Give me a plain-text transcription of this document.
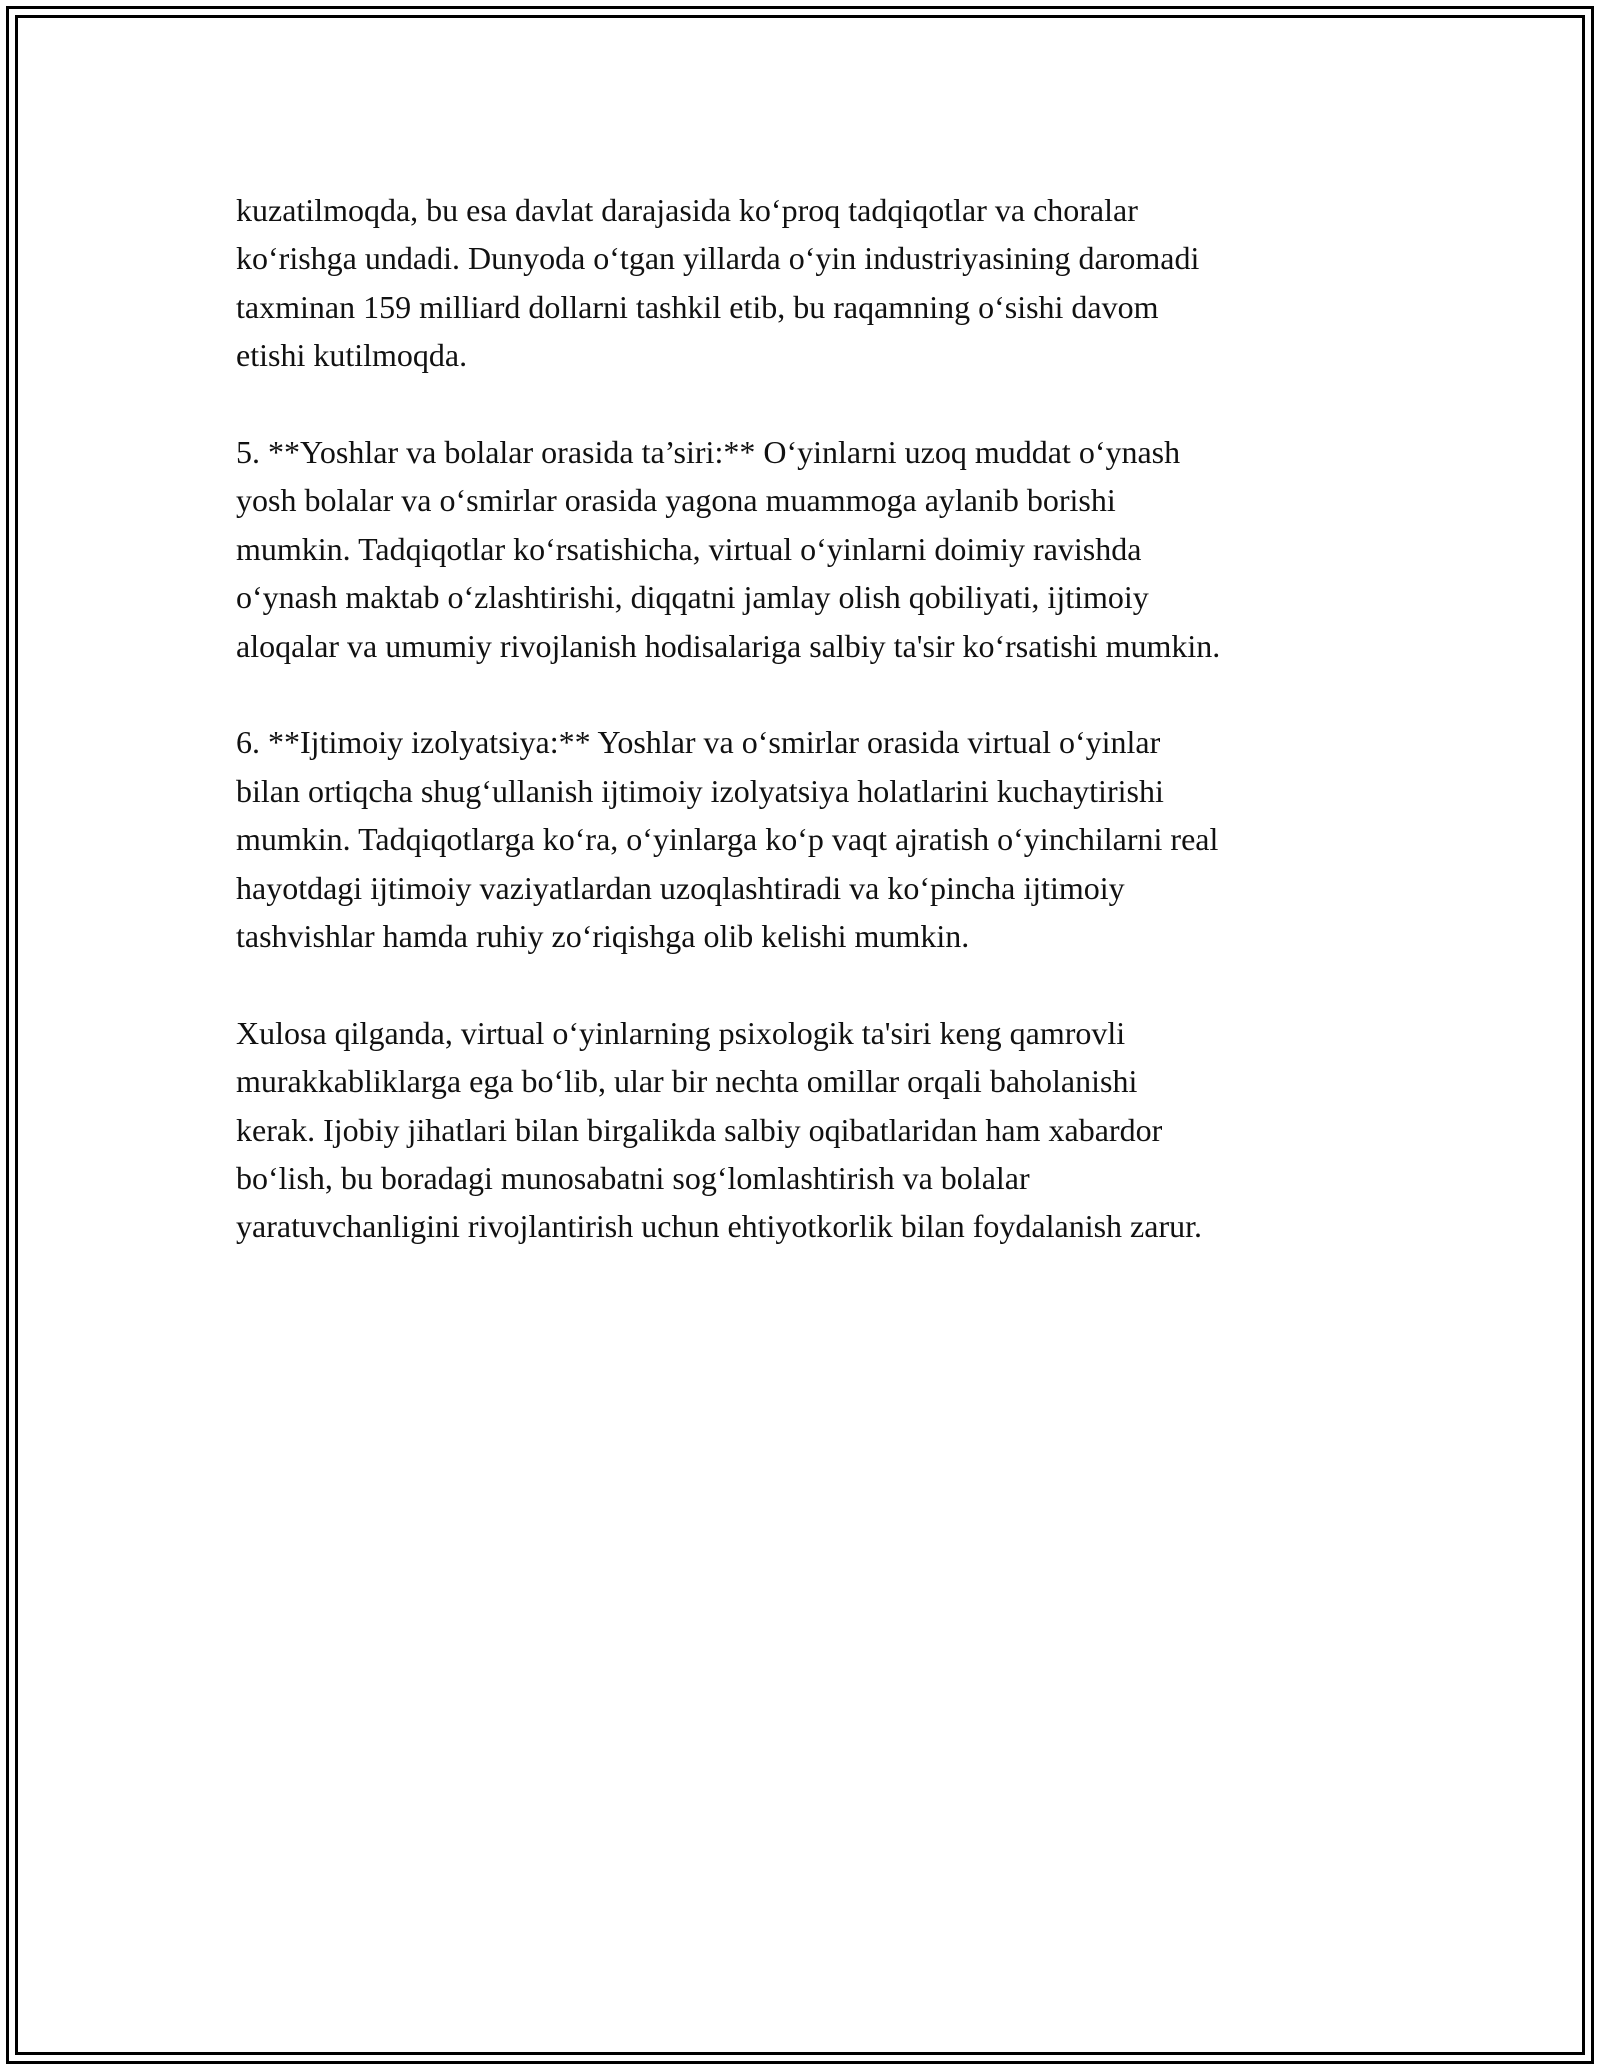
kuzatilmoqda, bu esa davlat darajasida ko‘proq tadqiqotlar va choralar
ko‘rishga undadi. Dunyoda o‘tgan yillarda o‘yin industriyasining daromadi
taxminan 159 milliard dollarni tashkil etib, bu raqamning o‘sishi davom
etishi kutilmoqda.

5. **Yoshlar va bolalar orasida ta’siri:** O‘yinlarni uzoq muddat o‘ynash
yosh bolalar va o‘smirlar orasida yagona muammoga aylanib borishi
mumkin. Tadqiqotlar ko‘rsatishicha, virtual o‘yinlarni doimiy ravishda
o‘ynash maktab o‘zlashtirishi, diqqatni jamlay olish qobiliyati, ijtimoiy
aloqalar va umumiy rivojlanish hodisalariga salbiy ta'sir ko‘rsatishi mumkin.

6. **Ijtimoiy izolyatsiya:** Yoshlar va o‘smirlar orasida virtual o‘yinlar
bilan ortiqcha shug‘ullanish ijtimoiy izolyatsiya holatlarini kuchaytirishi
mumkin. Tadqiqotlarga ko‘ra, o‘yinlarga ko‘p vaqt ajratish o‘yinchilarni real
hayotdagi ijtimoiy vaziyatlardan uzoqlashtiradi va ko‘pincha ijtimoiy
tashvishlar hamda ruhiy zo‘riqishga olib kelishi mumkin.

Xulosa qilganda, virtual o‘yinlarning psixologik ta'siri keng qamrovli
murakkabliklarga ega bo‘lib, ular bir nechta omillar orqali baholanishi
kerak. Ijobiy jihatlari bilan birgalikda salbiy oqibatlaridan ham xabardor
bo‘lish, bu boradagi munosabatni sog‘lomlashtirish va bolalar
yaratuvchanligini rivojlantirish uchun ehtiyotkorlik bilan foydalanish zarur.
